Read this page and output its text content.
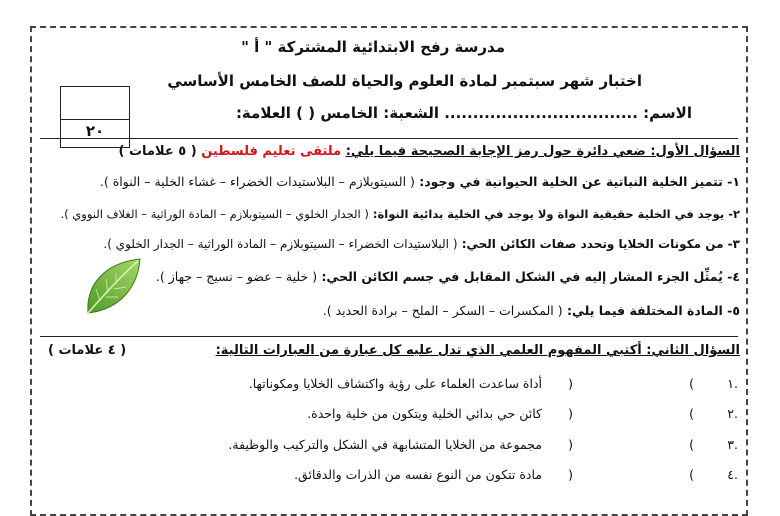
مدرسة رفح الابتدائية المشتركة " أ "
اختبار شهر سبتمبر لمادة العلوم والحياة للصف الخامس الأساسي
الاسم: .................................. الشعبة: الخامس ( ) العلامة:
٢٠
السؤال الأول: ضعي دائرة حول رمز الإجابة الصحيحة فيما يلي: ملتقى تعليم فلسطين ( ٥ علامات )
١- تتميز الخلية النباتية عن الخلية الحيوانية في وجود: ( السيتوبلازم – البلاستيدات الخضراء – غشاء الخلية – النواة ).
٢- يوجد في الخلية حقيقية النواة ولا يوجد في الخلية بدائية النواة: ( الجدار الخلوي – السيتوبلازم – المادة الوراثية – الغلاف النووي ).
٣- من مكونات الخلايا وتحدد صفات الكائن الحي: ( البلاستيدات الخضراء – السيتوبلازم – المادة الوراثية – الجدار الخلوي ).
٤- يُمثِّل الجزء المشار إليه في الشكل المقابل في جسم الكائن الحي: ( خلية – عضو – نسيج – جهاز ).
٥- المادة المختلفة فيما يلي: ( المكسرات – السكر – الملح – برادة الحديد ).
السؤال الثاني: أكتبي المفهوم العلمي الذي تدل عليه كل عبارة من العبارات التالية:
( ٤ علامات )
١.
(
)
أداة ساعدت العلماء على رؤية واكتشاف الخلايا ومكوناتها.
٢.
(
)
كائن حي بدائي الخلية ويتكون من خلية واحدة.
٣.
(
)
مجموعة من الخلايا المتشابهة في الشكل والتركيب والوظيفة.
٤.
(
)
مادة تتكون من النوع نفسه من الذرات والدقائق.
